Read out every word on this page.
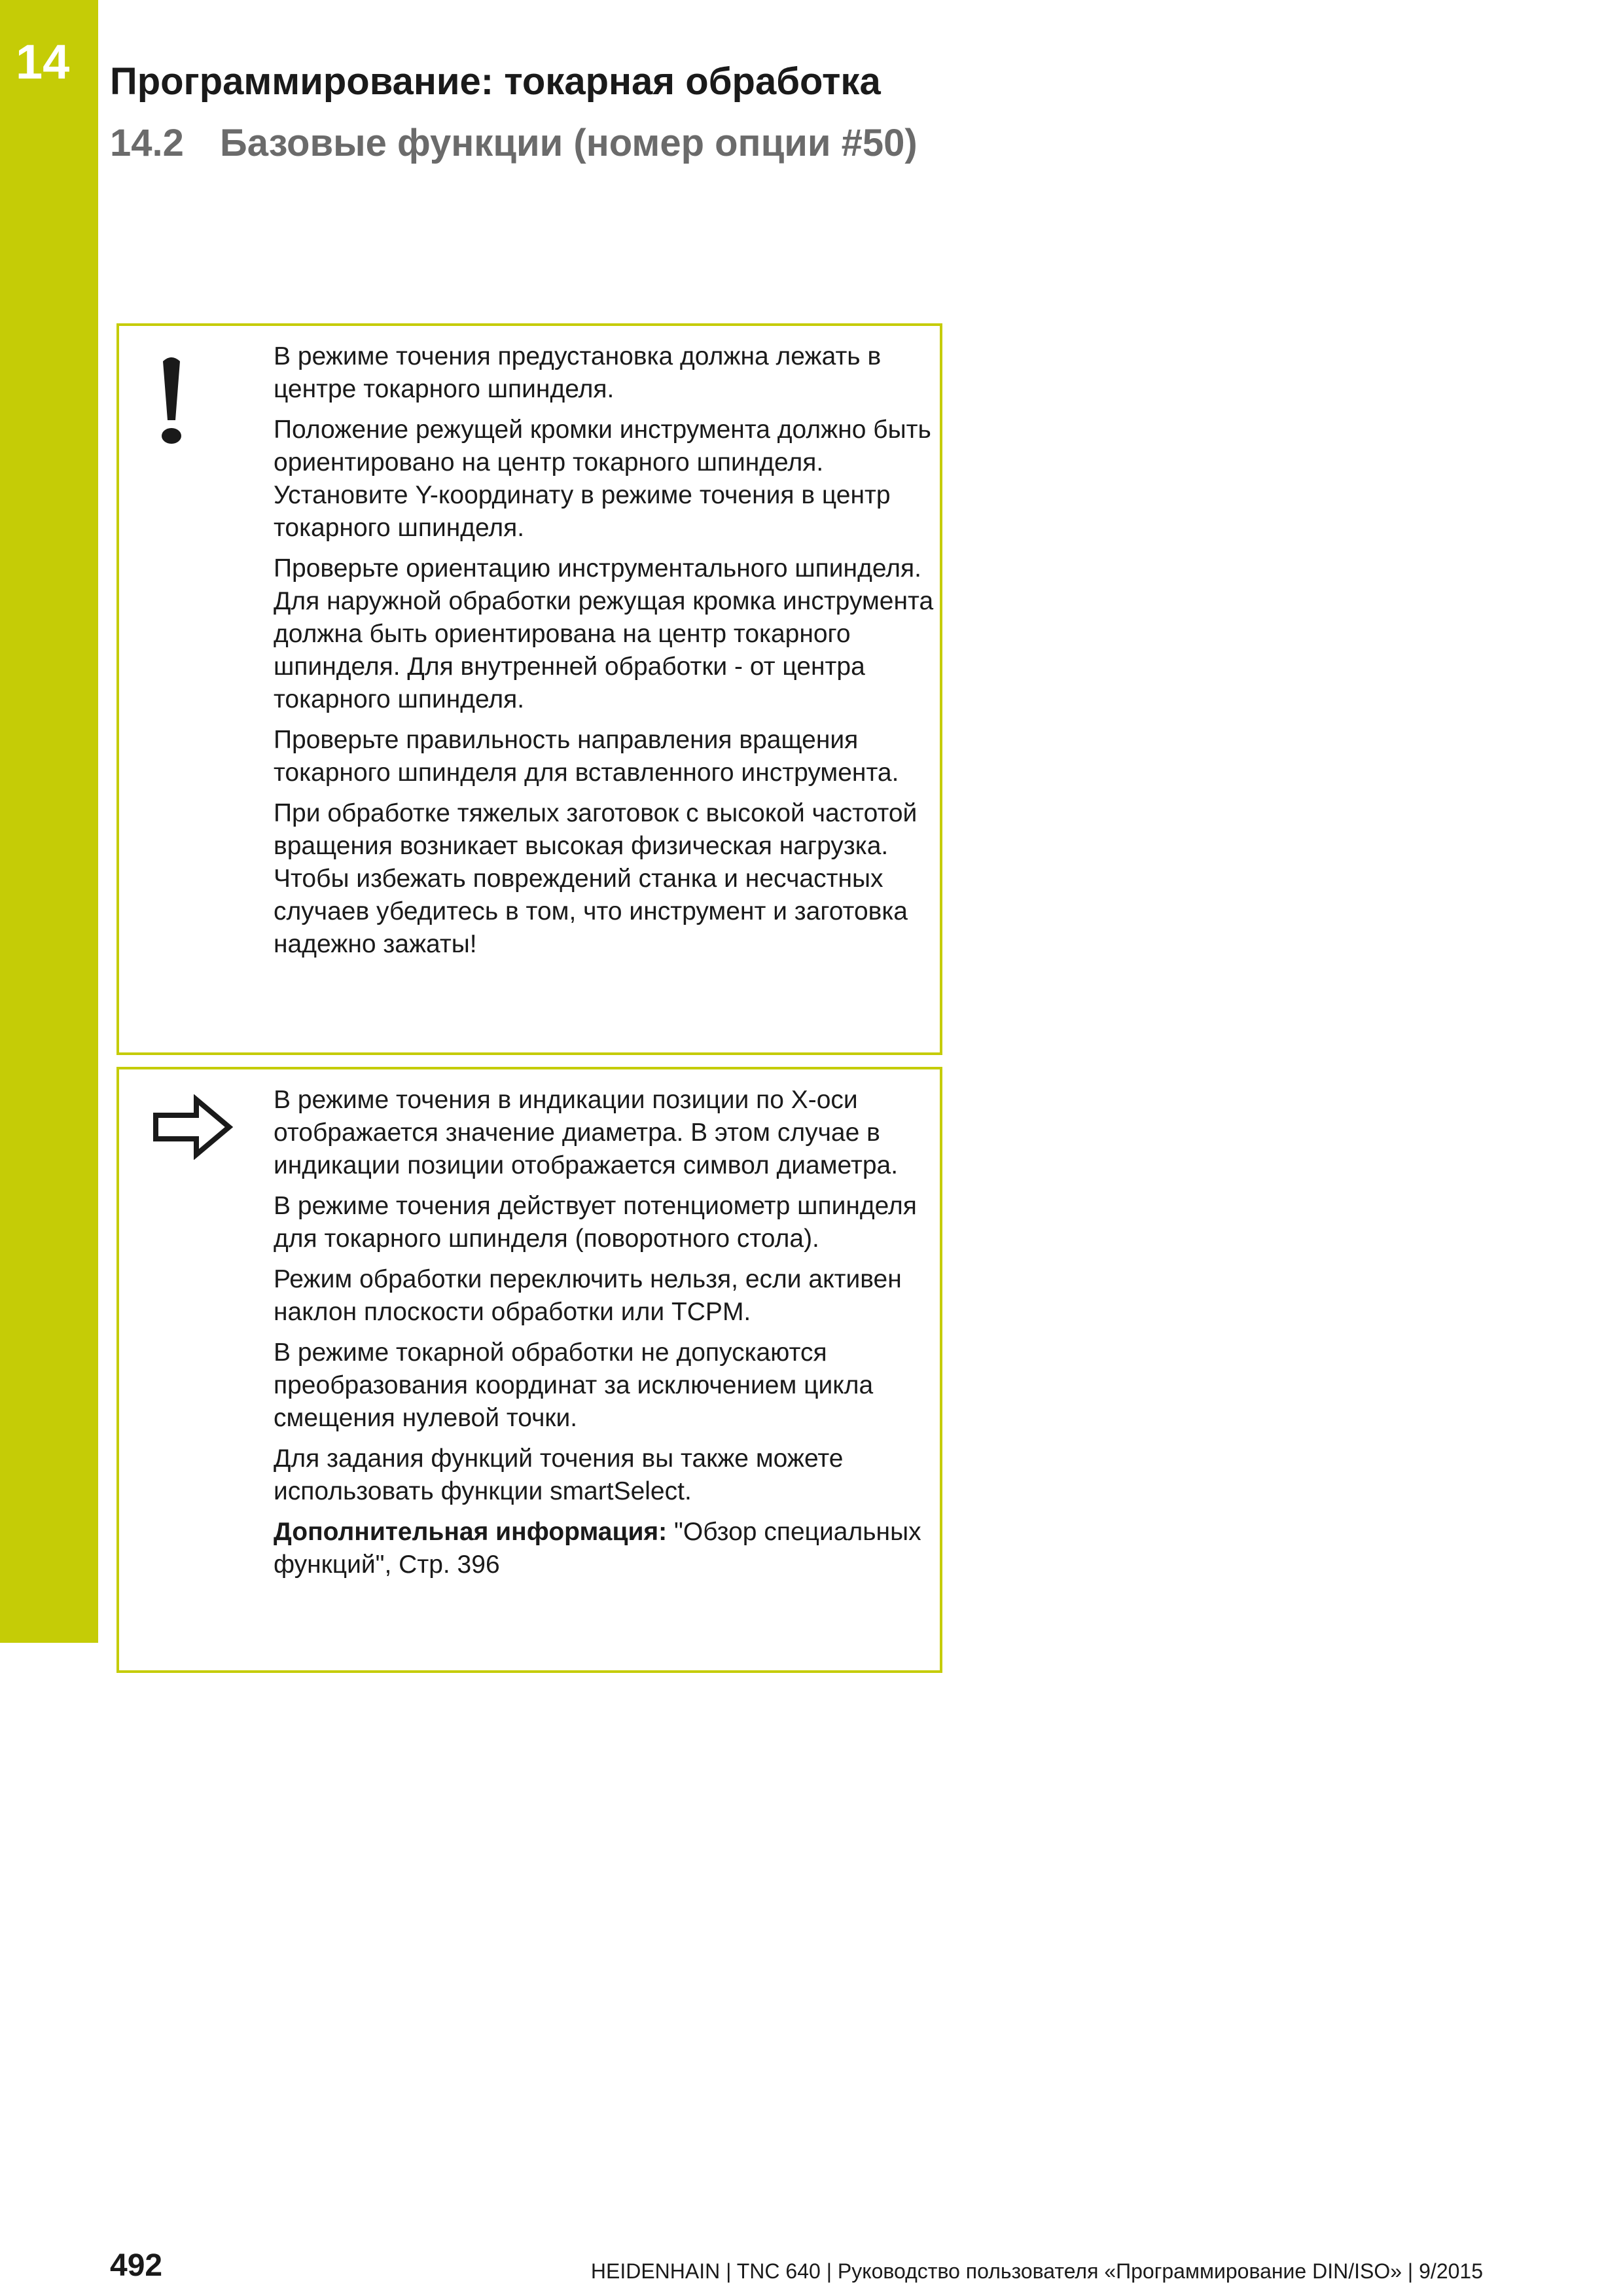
14	Программирование: токарная обработка
14.2 Базовые функции (номер опции #50)

В режиме точения предустановка должна лежать в центре токарного шпинделя.

Положение режущей кромки инструмента должно быть ориентировано на центр токарного шпинделя. Установите Y-координату в режиме точения в центр токарного шпинделя.

Проверьте ориентацию инструментального шпинделя. Для наружной обработки режущая кромка инструмента должна быть ориентирована на центр токарного шпинделя. Для внутренней обработки - от центра токарного шпинделя.

Проверьте правильность направления вращения токарного шпинделя для вставленного инструмента.

При обработке тяжелых заготовок с высокой частотой вращения возникает высокая физическая нагрузка. Чтобы избежать повреждений станка и несчастных случаев убедитесь в том, что инструмент и заготовка надежно зажаты!

В режиме точения в индикации позиции по X-оси отображается значение диаметра. В этом случае в индикации позиции отображается символ диаметра.

В режиме точения действует потенциометр шпинделя для токарного шпинделя (поворотного стола).

Режим обработки переключить нельзя, если активен наклон плоскости обработки или TCPM.

В режиме токарной обработки не допускаются преобразования координат за исключением цикла смещения нулевой точки.

Для задания функций точения вы также можете использовать функции smartSelect.

Дополнительная информация: "Обзор специальных функций", Стр. 396

492	HEIDENHAIN | TNC 640 | Руководство пользователя «Программирование DIN/ISO» | 9/2015
